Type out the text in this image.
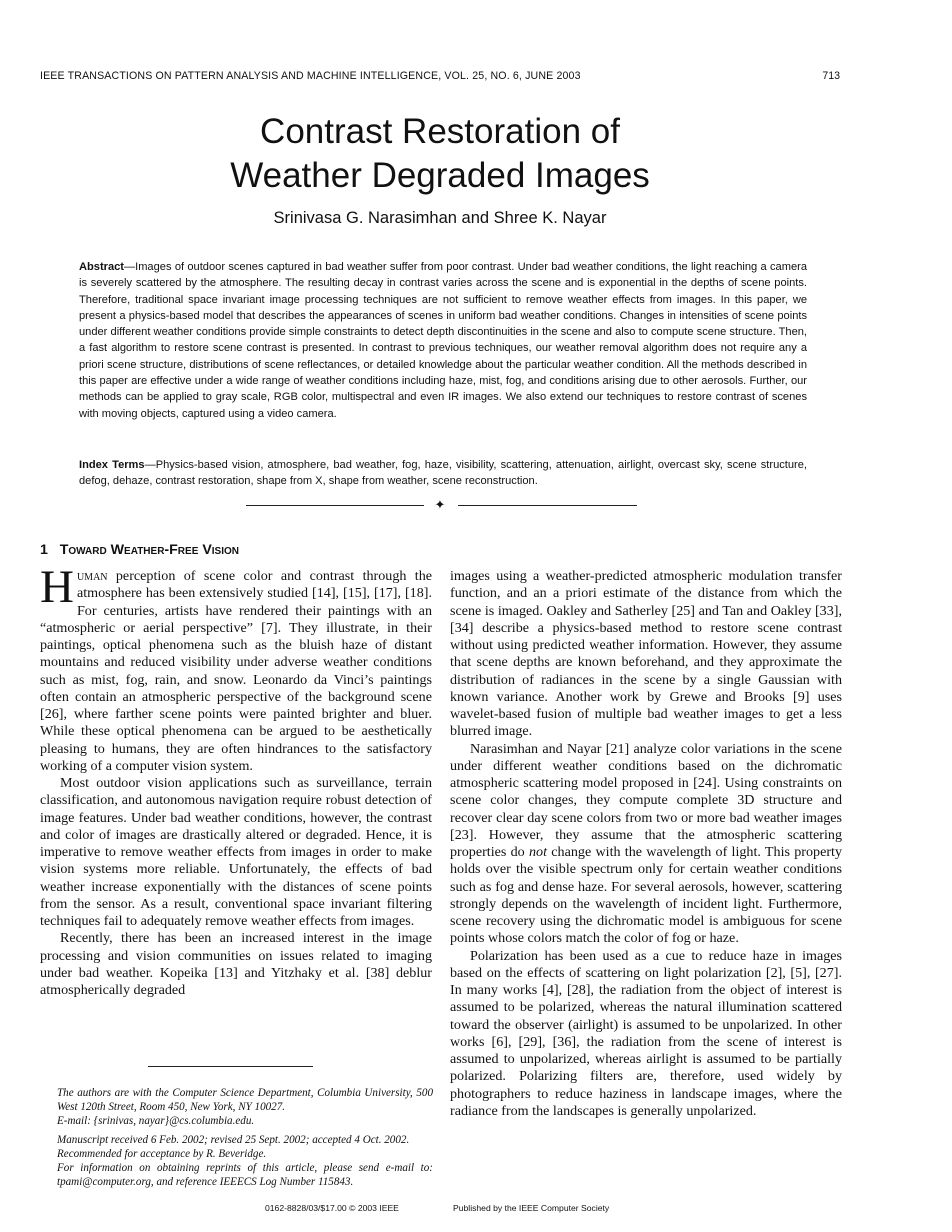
IEEE TRANSACTIONS ON PATTERN ANALYSIS AND MACHINE INTELLIGENCE, VOL. 25, NO. 6, JUNE 2003	713
Contrast Restoration of
Weather Degraded Images
Srinivasa G. Narasimhan and Shree K. Nayar
Abstract—Images of outdoor scenes captured in bad weather suffer from poor contrast. Under bad weather conditions, the light reaching a camera is severely scattered by the atmosphere. The resulting decay in contrast varies across the scene and is exponential in the depths of scene points. Therefore, traditional space invariant image processing techniques are not sufficient to remove weather effects from images. In this paper, we present a physics-based model that describes the appearances of scenes in uniform bad weather conditions. Changes in intensities of scene points under different weather conditions provide simple constraints to detect depth discontinuities in the scene and also to compute scene structure. Then, a fast algorithm to restore scene contrast is presented. In contrast to previous techniques, our weather removal algorithm does not require any a priori scene structure, distributions of scene reflectances, or detailed knowledge about the particular weather condition. All the methods described in this paper are effective under a wide range of weather conditions including haze, mist, fog, and conditions arising due to other aerosols. Further, our methods can be applied to gray scale, RGB color, multispectral and even IR images. We also extend our techniques to restore contrast of scenes with moving objects, captured using a video camera.
Index Terms—Physics-based vision, atmosphere, bad weather, fog, haze, visibility, scattering, attenuation, airlight, overcast sky, scene structure, defog, dehaze, contrast restoration, shape from X, shape from weather, scene reconstruction.
✦
1 Toward Weather-Free Vision

Human perception of scene color and contrast through the atmosphere has been extensively studied [14], [15], [17], [18]. For centuries, artists have rendered their paintings with an “atmospheric or aerial perspective” [7]. They illustrate, in their paintings, optical phenomena such as the bluish haze of distant mountains and reduced visibility under adverse weather conditions such as mist, fog, rain, and snow. Leonardo da Vinci’s paintings often contain an atmospheric perspective of the background scene [26], where farther scene points were painted brighter and bluer. While these optical phenomena can be argued to be aesthetically pleasing to humans, they are often hindrances to the satisfactory working of a computer vision system.

Most outdoor vision applications such as surveillance, terrain classification, and autonomous navigation require robust detection of image features. Under bad weather conditions, however, the contrast and color of images are drastically altered or degraded. Hence, it is imperative to remove weather effects from images in order to make vision systems more reliable. Unfortunately, the effects of bad weather increase exponentially with the distances of scene points from the sensor. As a result, conventional space invariant filtering techniques fail to adequately remove weather effects from images.

Recently, there has been an increased interest in the image processing and vision communities on issues related to imaging under bad weather. Kopeika [13] and Yitzhaky et al. [38] deblur atmospherically degraded

The authors are with the Computer Science Department, Columbia University, 500 West 120th Street, Room 450, New York, NY 10027.
E-mail: {srinivas, nayar}@cs.columbia.edu.
Manuscript received 6 Feb. 2002; revised 25 Sept. 2002; accepted 4 Oct. 2002.
Recommended for acceptance by R. Beveridge.
For information on obtaining reprints of this article, please send e-mail to: tpami@computer.org, and reference IEEECS Log Number 115843.

images using a weather-predicted atmospheric modulation transfer function, and an a priori estimate of the distance from which the scene is imaged. Oakley and Satherley [25] and Tan and Oakley [33], [34] describe a physics-based method to restore scene contrast without using predicted weather information. However, they assume that scene depths are known beforehand, and they approximate the distribution of radiances in the scene by a single Gaussian with known variance. Another work by Grewe and Brooks [9] uses wavelet-based fusion of multiple bad weather images to get a less blurred image.

Narasimhan and Nayar [21] analyze color variations in the scene under different weather conditions based on the dichromatic atmospheric scattering model proposed in [24]. Using constraints on scene color changes, they compute complete 3D structure and recover clear day scene colors from two or more bad weather images [23]. However, they assume that the atmospheric scattering properties do not change with the wavelength of light. This property holds over the visible spectrum only for certain weather conditions such as fog and dense haze. For several aerosols, however, scattering strongly depends on the wavelength of incident light. Furthermore, scene recovery using the dichromatic model is ambiguous for scene points whose colors match the color of fog or haze.

Polarization has been used as a cue to reduce haze in images based on the effects of scattering on light polarization [2], [5], [27]. In many works [4], [28], the radiation from the object of interest is assumed to be polarized, whereas the natural illumination scattered toward the observer (airlight) is assumed to be unpolarized. In other works [6], [29], [36], the radiation from the scene of interest is assumed to unpolarized, whereas airlight is assumed to be partially polarized. Polarizing filters are, therefore, used widely by photographers to reduce haziness in landscape images, where the radiance from the landscapes is generally unpolarized.

0162-8828/03/$17.00 © 2003 IEEE	Published by the IEEE Computer Society
